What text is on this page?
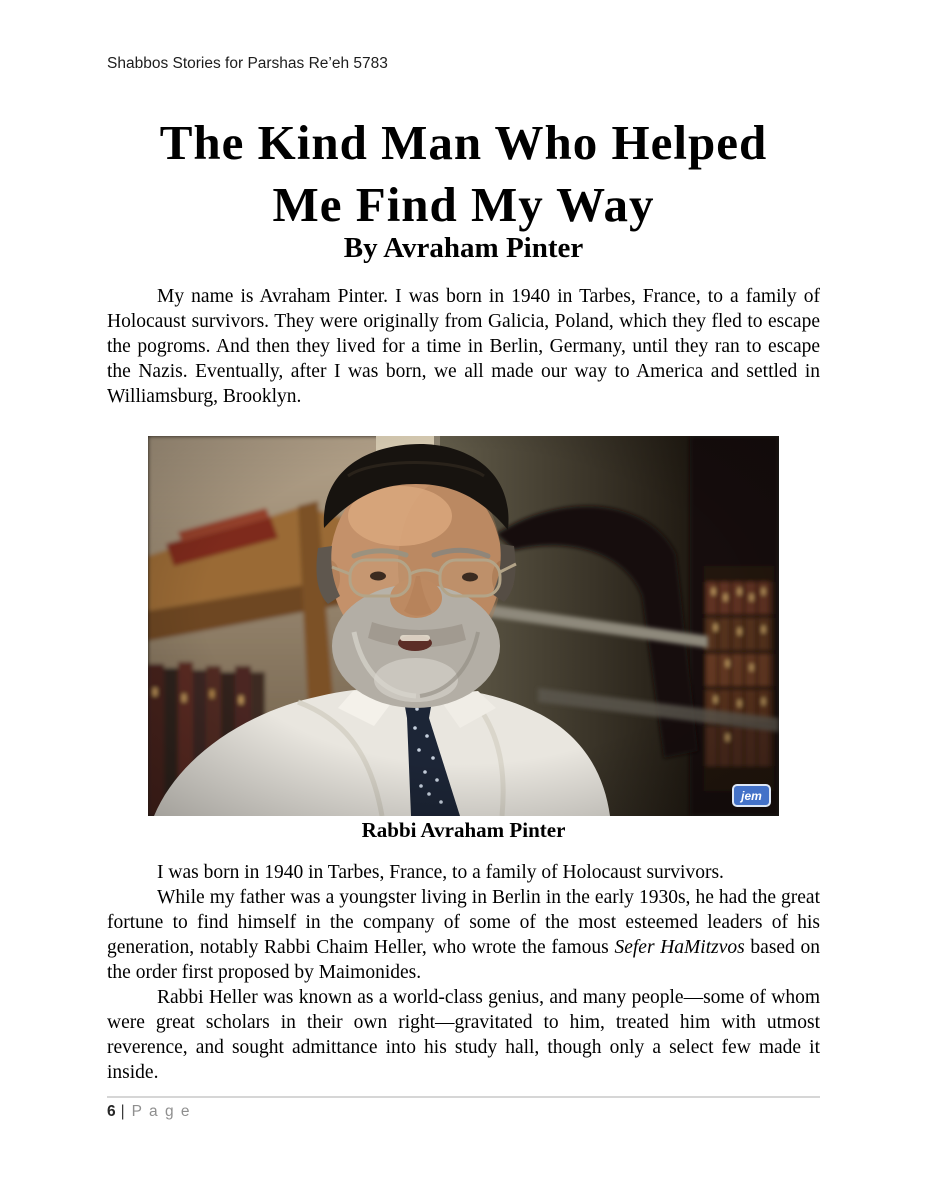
Shabbos Stories for Parshas Re’eh 5783
The Kind Man Who Helped
Me Find My Way
By Avraham Pinter

My name is Avraham Pinter. I was born in 1940 in Tarbes, France, to a family of Holocaust survivors. They were originally from Galicia, Poland, which they fled to escape the pogroms. And then they lived for a time in Berlin, Germany, until they ran to escape the Nazis. Eventually, after I was born, we all made our way to America and settled in Williamsburg, Brooklyn.

jem
Rabbi Avraham Pinter

I was born in 1940 in Tarbes, France, to a family of Holocaust survivors.

While my father was a youngster living in Berlin in the early 1930s, he had the great fortune to find himself in the company of some of the most esteemed leaders of his generation, notably Rabbi Chaim Heller, who wrote the famous Sefer HaMitzvos based on the order first proposed by Maimonides.

Rabbi Heller was known as a world-class genius, and many people—some of whom were great scholars in their own right—gravitated to him, treated him with utmost reverence, and sought admittance into his study hall, though only a select few made it inside.

6 | P a g e
